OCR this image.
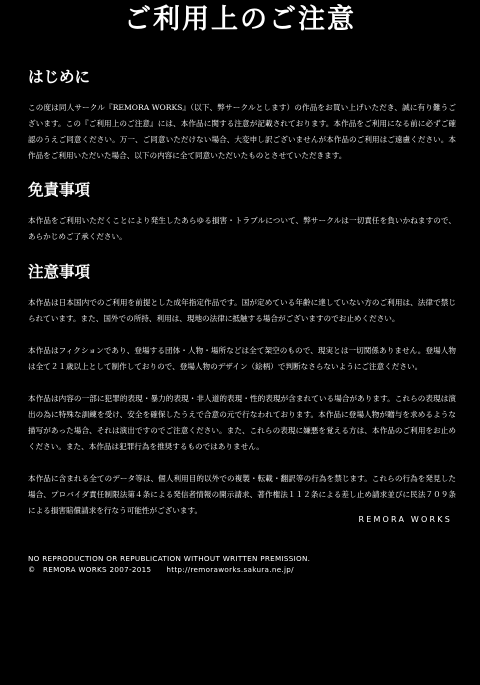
ご利用上のご注意
はじめに

この度は同人サークル『REMORA WORKS』（以下、弊サークルとします）の作品をお買い上げいただき、誠に有り難うございます。この『ご利用上のご注意』には、本作品に関する注意が記載されております。本作品をご利用になる前に必ずご確認のうえご同意ください。万一、ご同意いただけない場合、大変申し訳ございませんが本作品のご利用はご遠慮ください。本作品をご利用いただいた場合、以下の内容に全て同意いただいたものとさせていただきます。

免責事項

本作品をご利用いただくことにより発生したあらゆる損害・トラブルについて、弊サークルは一切責任を負いかねますので、あらかじめご了承ください。

注意事項

本作品は日本国内でのご利用を前提とした成年指定作品です。国が定めている年齢に達していない方のご利用は、法律で禁じられています。また、国外での所持、利用は、現地の法律に抵触する場合がございますのでお止めください。

本作品はフィクションであり、登場する団体・人物・場所などは全て架空のもので、現実とは一切関係ありません。登場人物は全て２１歳以上として制作しておりので、登場人物のデザイン（絵柄）で判断なさらないようにご注意ください。

本作品は内容の一部に犯罪的表現・暴力的表現・非人道的表現・性的表現が含まれている場合があります。これらの表現は演出の為に特殊な訓練を受け、安全を確保したうえで合意の元で行なわれております。本作品に登場人物が贈与を求めるような描写があった場合、それは演出ですのでご注意ください。また、これらの表現に嫌悪を覚える方は、本作品のご利用をお止めください。また、本作品は犯罪行為を推奨するものではありません。

本作品に含まれる全てのデータ等は、個人利用目的以外での複製・転載・翻訳等の行為を禁じます。これらの行為を発見した場合、プロバイダ責任制限法第４条による発信者情報の開示請求、著作権法１１２条による差し止め請求並びに民法７０９条による損害賠償請求を行なう可能性がございます。

REMORA WORKS
NO REPRODUCTION OR REPUBLICATION WITHOUT WRITTEN PREMISSION.
©　REMORA WORKS 2007-2015　　http://remoraworks.sakura.ne.jp/
